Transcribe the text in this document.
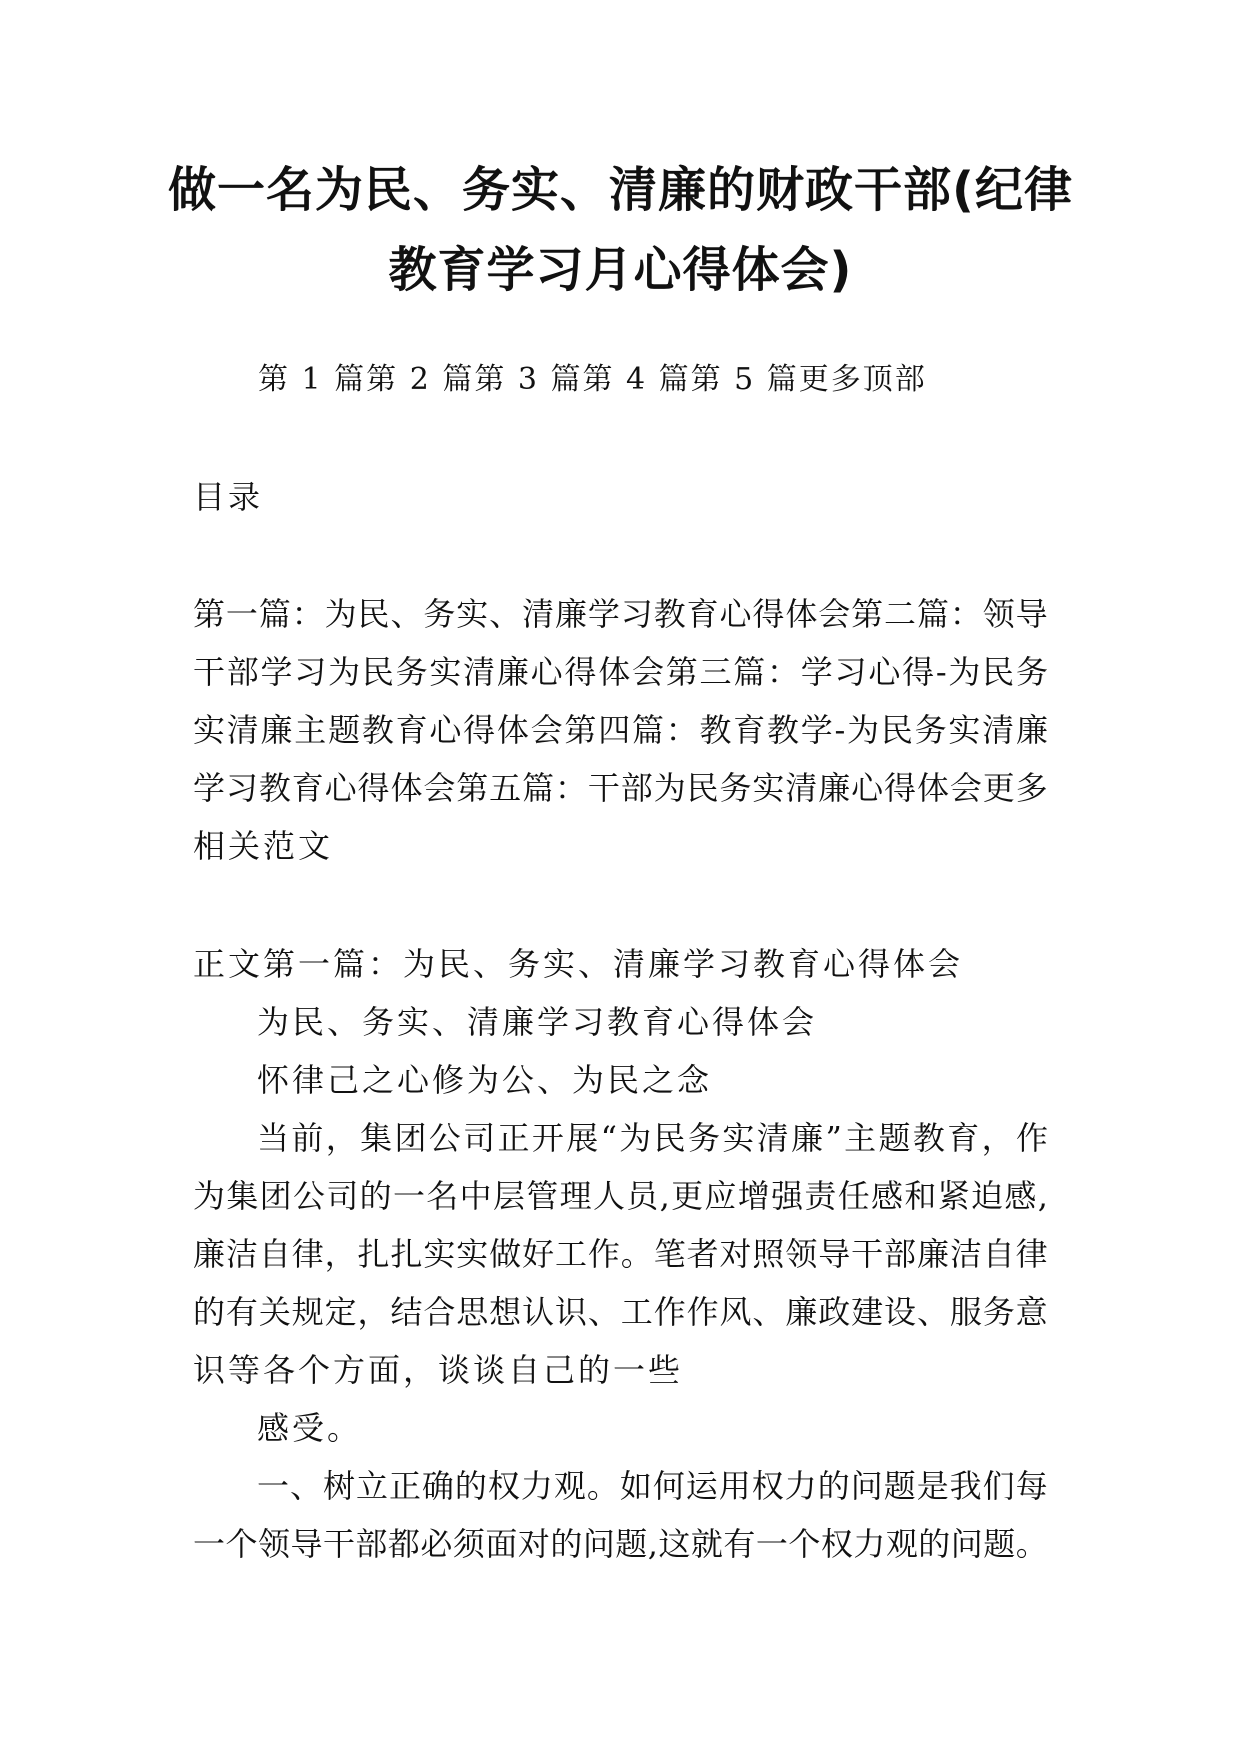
做一名为民、务实、清廉的财政干部(纪律
教育学习月心得体会)
第 1 篇第 2 篇第 3 篇第 4 篇第 5 篇更多顶部
目录
第 一 篇 ： 为 民 、 务 实 、 清 廉 学 习 教 育 心 得 体 会 第 二 篇 ： 领 导
干 部 学 习 为 民 务 实 清 廉 心 得 体 会 第 三 篇 ： 学 习 心 得 - 为 民 务
实 清 廉 主 题 教 育 心 得 体 会 第 四 篇 ： 教 育 教 学 - 为 民 务 实 清 廉
学 习 教 育 心 得 体 会 第 五 篇 ： 干 部 为 民 务 实 清 廉 心 得 体 会 更 多
相关范文
正文第一篇：为民、务实、清廉学习教育心得体会
为民、务实、清廉学习教育心得体会
怀律己之心修为公、为民之念
当 前 ， 集 团 公 司 正 开 展 “ 为 民 务 实 清 廉 ” 主 题 教 育 ， 作
为 集 团 公 司 的 一 名 中 层 管 理 人 员 , 更 应 增 强 责 任 感 和 紧 迫 感 ,
廉 洁 自 律 ， 扎 扎 实 实 做 好 工 作 。 笔 者 对 照 领 导 干 部 廉 洁 自 律
的 有 关 规 定 ， 结 合 思 想 认 识 、 工 作 作 风 、 廉 政 建 设 、 服 务 意
识等各个方面，谈谈自己的一些
感受。
一 、 树 立 正 确 的 权 力 观 。 如 何 运 用 权 力 的 问 题 是 我 们 每
一 个 领 导 干 部 都 必 须 面 对 的 问 题 , 这 就 有 一 个 权 力 观 的 问 题 。
